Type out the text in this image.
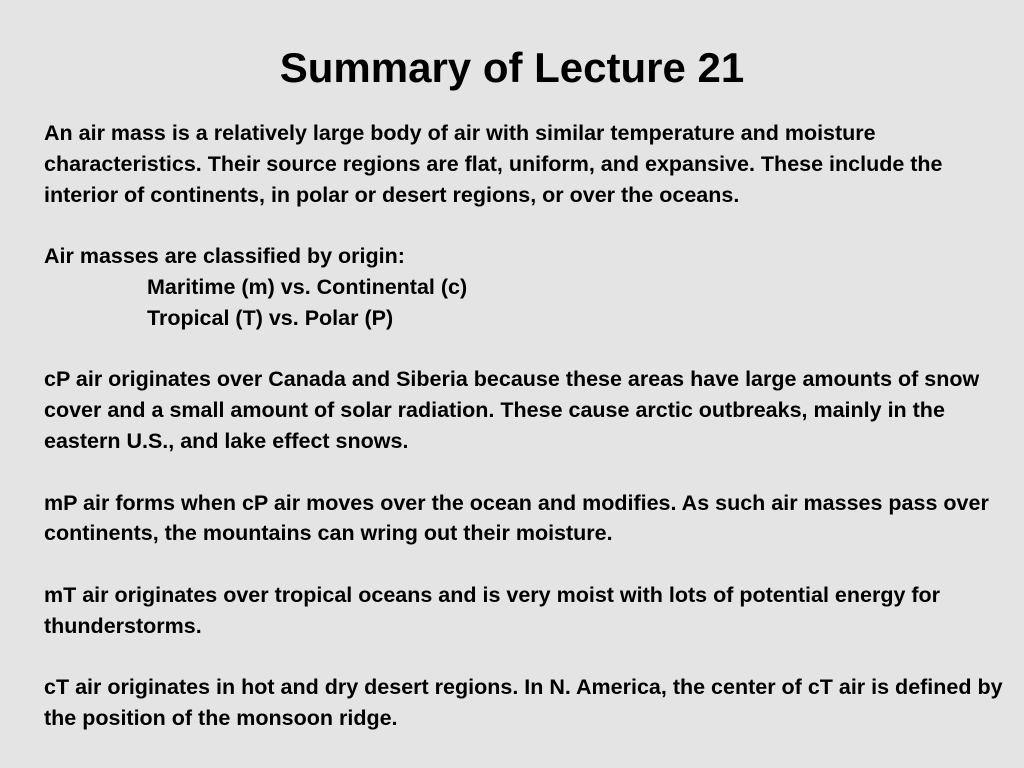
Summary of Lecture 21

An air mass is a relatively large body of air with similar temperature and moisture characteristics. Their source regions are flat, uniform, and expansive. These include the interior of continents, in polar or desert regions, or over the oceans.

Air masses are classified by origin:

Maritime (m) vs. Continental (c)

Tropical (T) vs. Polar (P)

cP air originates over Canada and Siberia because these areas have large amounts of snow cover and a small amount of solar radiation. These cause arctic outbreaks, mainly in the eastern U.S., and lake effect snows.

mP air forms when cP air moves over the ocean and modifies. As such air masses pass over continents, the mountains can wring out their moisture.

mT air originates over tropical oceans and is very moist with lots of potential energy for thunderstorms.

cT air originates in hot and dry desert regions. In N. America, the center of cT air is defined by the position of the monsoon ridge.
